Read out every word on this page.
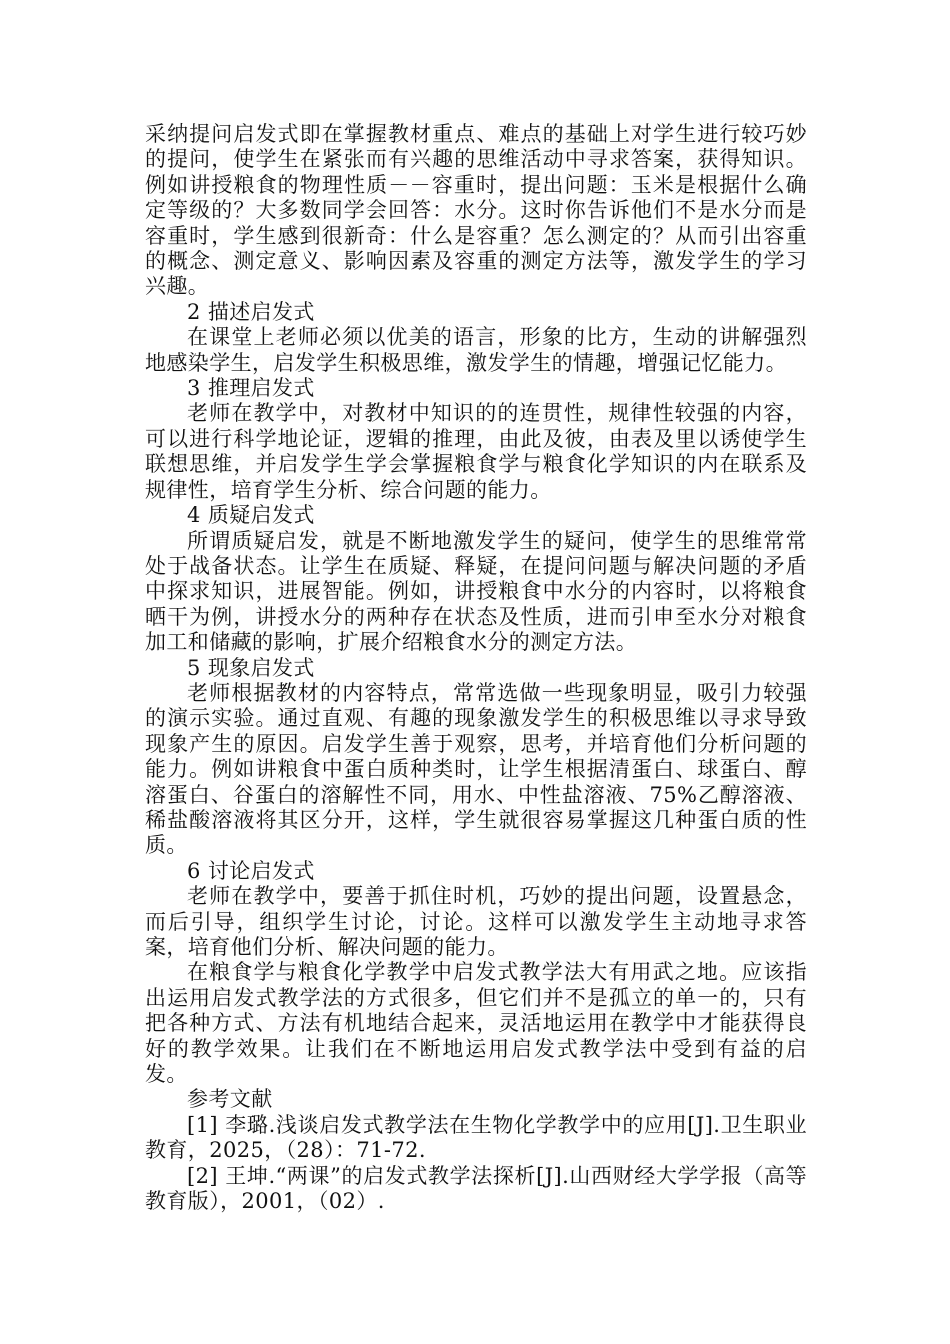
采纳提问启发式即在掌握教材重点、难点的基础上对学生进行较巧妙的提问，使学生在紧张而有兴趣的思维活动中寻求答案，获得知识。例如讲授粮食的物理性质－－容重时，提出问题：玉米是根据什么确定等级的？大多数同学会回答：水分。这时你告诉他们不是水分而是容重时，学生感到很新奇：什么是容重？怎么测定的？从而引出容重的概念、测定意义、影响因素及容重的测定方法等，激发学生的学习兴趣。

2 描述启发式

在课堂上老师必须以优美的语言，形象的比方，生动的讲解强烈地感染学生，启发学生积极思维，激发学生的情趣，增强记忆能力。

3 推理启发式

老师在教学中，对教材中知识的的连贯性，规律性较强的内容，可以进行科学地论证，逻辑的推理，由此及彼，由表及里以诱使学生联想思维，并启发学生学会掌握粮食学与粮食化学知识的内在联系及规律性，培育学生分析、综合问题的能力。

4 质疑启发式

所谓质疑启发，就是不断地激发学生的疑问，使学生的思维常常处于战备状态。让学生在质疑、释疑，在提问问题与解决问题的矛盾中探求知识，进展智能。例如，讲授粮食中水分的内容时，以将粮食晒干为例，讲授水分的两种存在状态及性质，进而引申至水分对粮食加工和储藏的影响，扩展介绍粮食水分的测定方法。

5 现象启发式

老师根据教材的内容特点，常常选做一些现象明显，吸引力较强的演示实验。通过直观、有趣的现象激发学生的积极思维以寻求导致现象产生的原因。启发学生善于观察，思考，并培育他们分析问题的能力。例如讲粮食中蛋白质种类时，让学生根据清蛋白、球蛋白、醇溶蛋白、谷蛋白的溶解性不同，用水、中性盐溶液、75%乙醇溶液、稀盐酸溶液将其区分开，这样，学生就很容易掌握这几种蛋白质的性质。

6 讨论启发式

老师在教学中，要善于抓住时机，巧妙的提出问题，设置悬念，而后引导，组织学生讨论，讨论。这样可以激发学生主动地寻求答案，培育他们分析、解决问题的能力。

在粮食学与粮食化学教学中启发式教学法大有用武之地。应该指出运用启发式教学法的方式很多，但它们并不是孤立的单一的，只有把各种方式、方法有机地结合起来，灵活地运用在教学中才能获得良好的教学效果。让我们在不断地运用启发式教学法中受到有益的启发。

参考文献

[1] 李璐.浅谈启发式教学法在生物化学教学中的应用[J].卫生职业教育，2025，（28）：71-72.

[2] 王坤.“两课”的启发式教学法探析[J].山西财经大学学报（高等教育版），2001，（02）.
